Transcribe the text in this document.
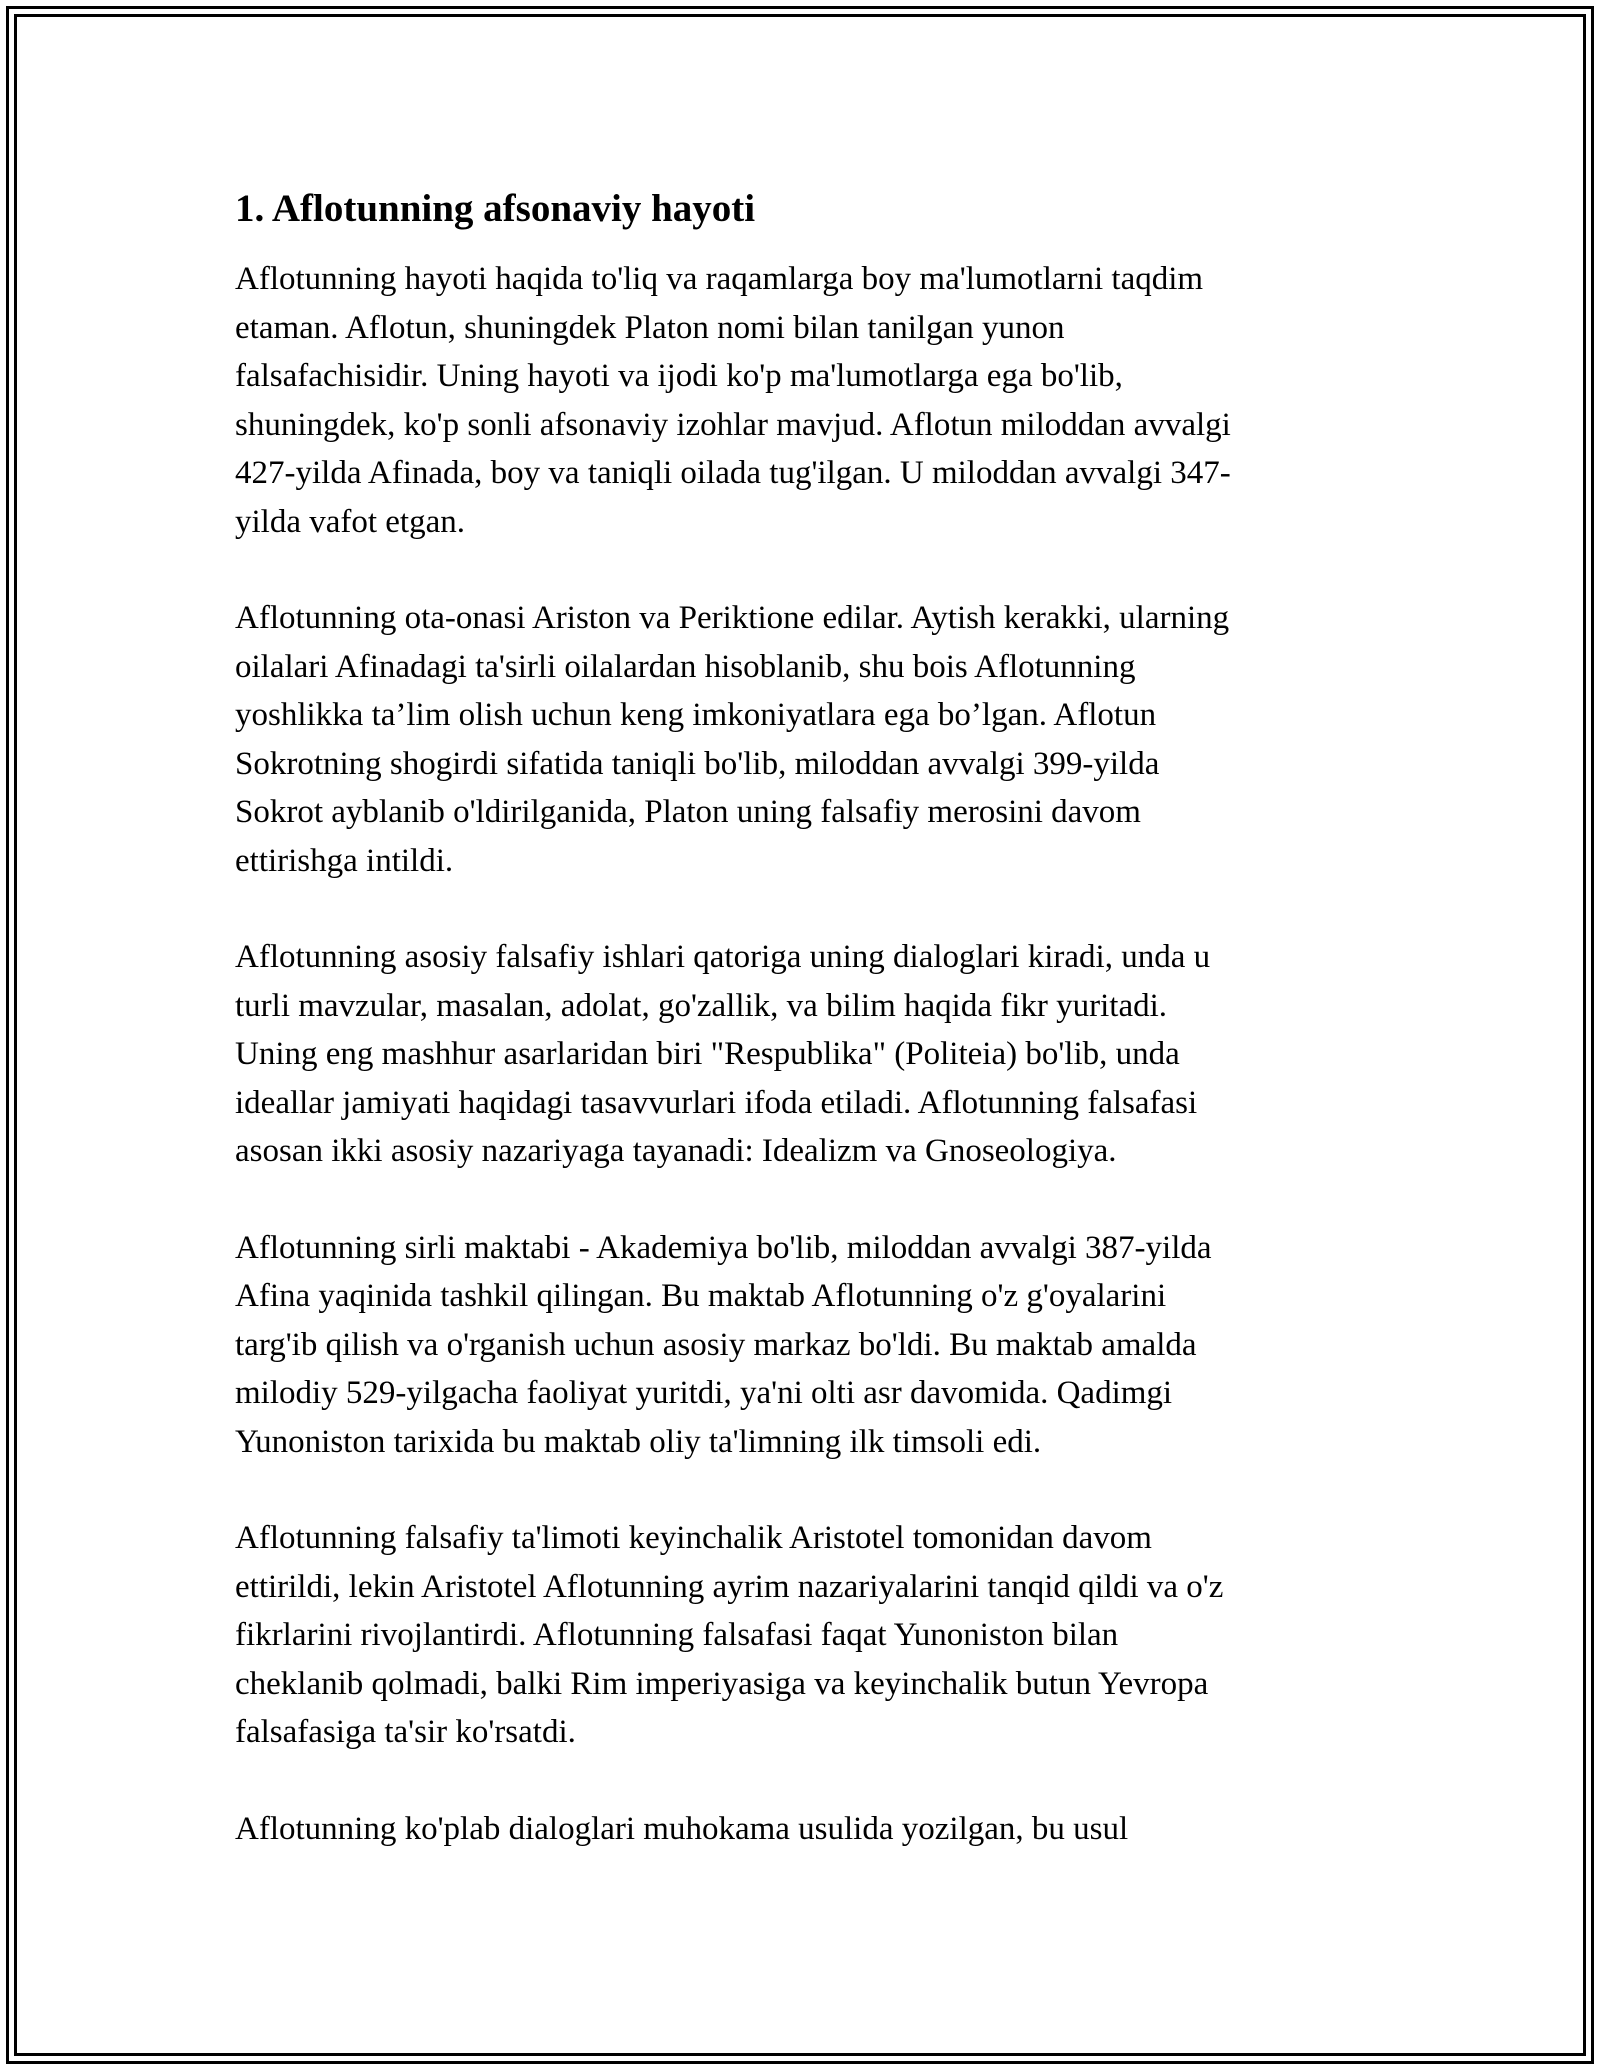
1. Aflotunning afsonaviy hayoti
Aflotunning hayoti haqida to'liq va raqamlarga boy ma'lumotlarni taqdim
etaman. Aflotun, shuningdek Platon nomi bilan tanilgan yunon
falsafachisidir. Uning hayoti va ijodi ko'p ma'lumotlarga ega bo'lib,
shuningdek, ko'p sonli afsonaviy izohlar mavjud. Aflotun miloddan avvalgi
427-yilda Afinada, boy va taniqli oilada tug'ilgan. U miloddan avvalgi 347-
yilda vafot etgan.
Aflotunning ota-onasi Ariston va Periktione edilar. Aytish kerakki, ularning
oilalari Afinadagi ta'sirli oilalardan hisoblanib, shu bois Aflotunning
yoshlikka ta’lim olish uchun keng imkoniyatlara ega bo’lgan. Aflotun
Sokrotning shogirdi sifatida taniqli bo'lib, miloddan avvalgi 399-yilda
Sokrot ayblanib o'ldirilganida, Platon uning falsafiy merosini davom
ettirishga intildi.
Aflotunning asosiy falsafiy ishlari qatoriga uning dialoglari kiradi, unda u
turli mavzular, masalan, adolat, go'zallik, va bilim haqida fikr yuritadi.
Uning eng mashhur asarlaridan biri "Respublika" (Politeia) bo'lib, unda
ideallar jamiyati haqidagi tasavvurlari ifoda etiladi. Aflotunning falsafasi
asosan ikki asosiy nazariyaga tayanadi: Idealizm va Gnoseologiya.
Aflotunning sirli maktabi - Akademiya bo'lib, miloddan avvalgi 387-yilda
Afina yaqinida tashkil qilingan. Bu maktab Aflotunning o'z g'oyalarini
targ'ib qilish va o'rganish uchun asosiy markaz bo'ldi. Bu maktab amalda
milodiy 529-yilgacha faoliyat yuritdi, ya'ni olti asr davomida. Qadimgi
Yunoniston tarixida bu maktab oliy ta'limning ilk timsoli edi.
Aflotunning falsafiy ta'limoti keyinchalik Aristotel tomonidan davom
ettirildi, lekin Aristotel Aflotunning ayrim nazariyalarini tanqid qildi va o'z
fikrlarini rivojlantirdi. Aflotunning falsafasi faqat Yunoniston bilan
cheklanib qolmadi, balki Rim imperiyasiga va keyinchalik butun Yevropa
falsafasiga ta'sir ko'rsatdi.
Aflotunning ko'plab dialoglari muhokama usulida yozilgan, bu usul
